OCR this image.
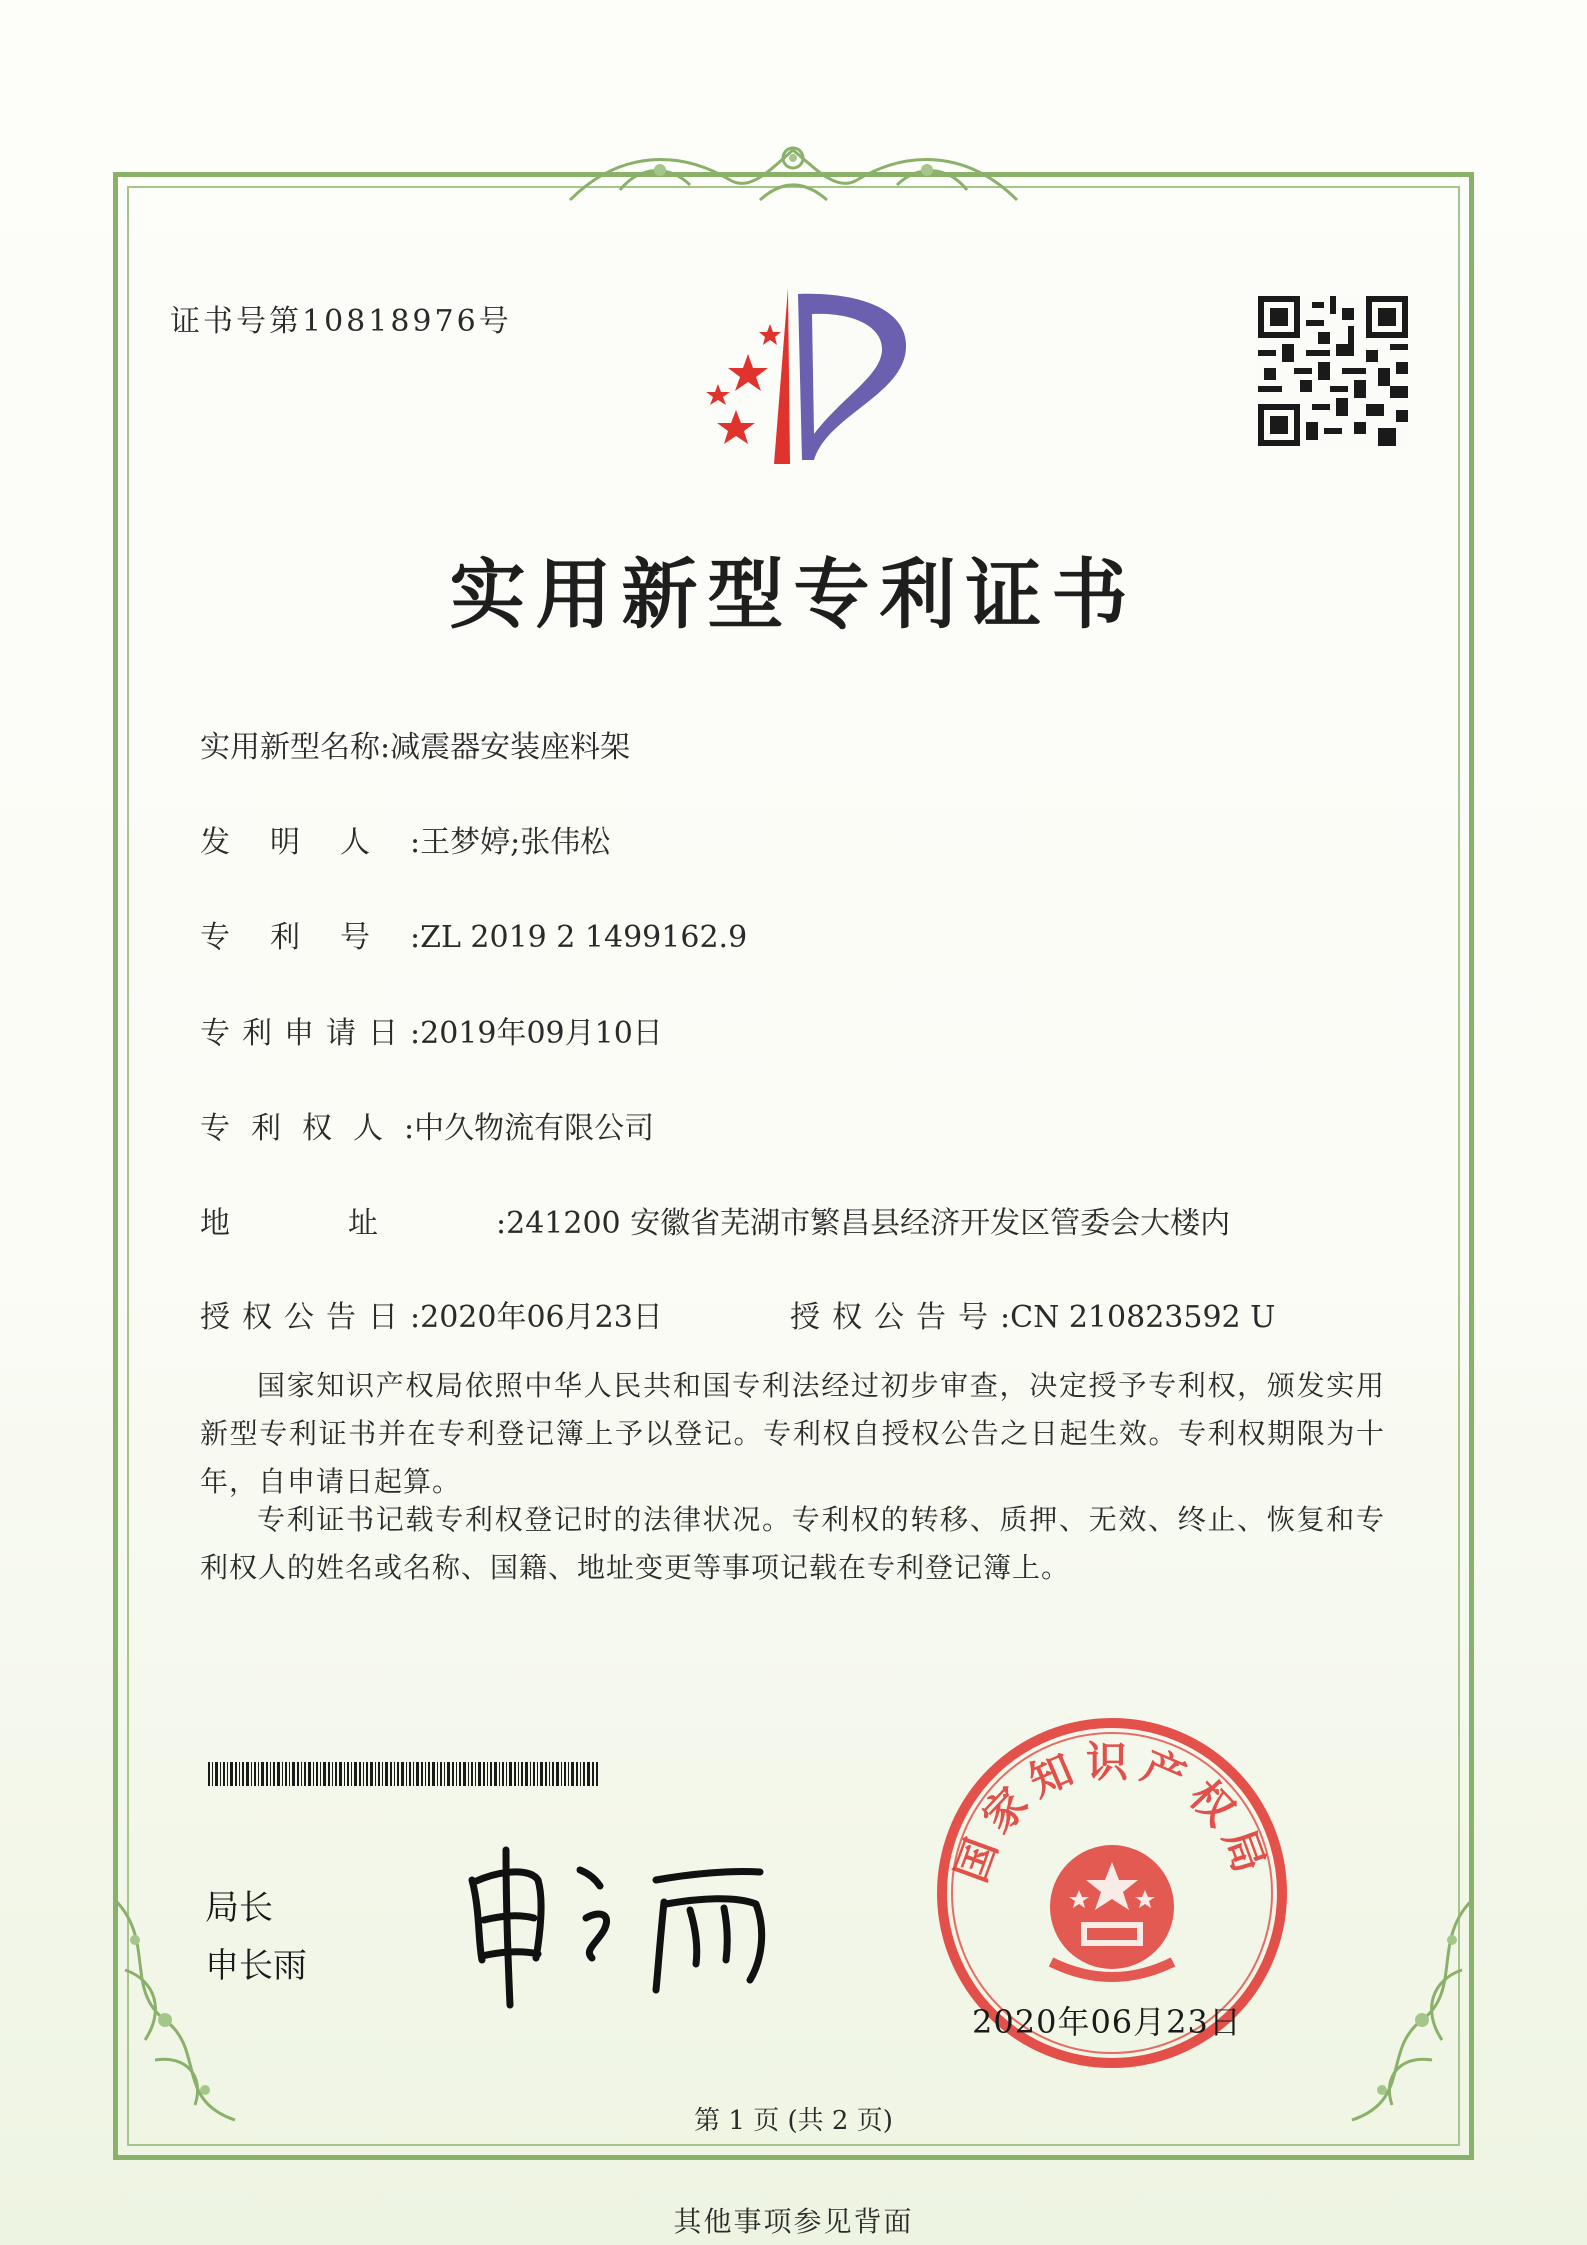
证书号第10818976号
实用新型专利证书
实用新型名称:减震器安装座料架
发明人:王梦婷;张伟松
专利号:ZL 2019 2 1499162.9
专利申请日:2019年09月10日
专利权人:中久物流有限公司
地址:241200 安徽省芜湖市繁昌县经济开发区管委会大楼内
授权公告日:2020年06月23日	授权公告号:CN 210823592 U
国家知识产权局依照中华人民共和国专利法经过初步审查，决定授予专利权，颁发实用新型专利证书并在专利登记簿上予以登记。专利权自授权公告之日起生效。专利权期限为十年，自申请日起算。
专利证书记载专利权登记时的法律状况。专利权的转移、质押、无效、终止、恢复和专利权人的姓名或名称、国籍、地址变更等事项记载在专利登记簿上。
局长
申长雨
国家知识产权局
2020年06月23日
第 1 页 (共 2 页)
其他事项参见背面
